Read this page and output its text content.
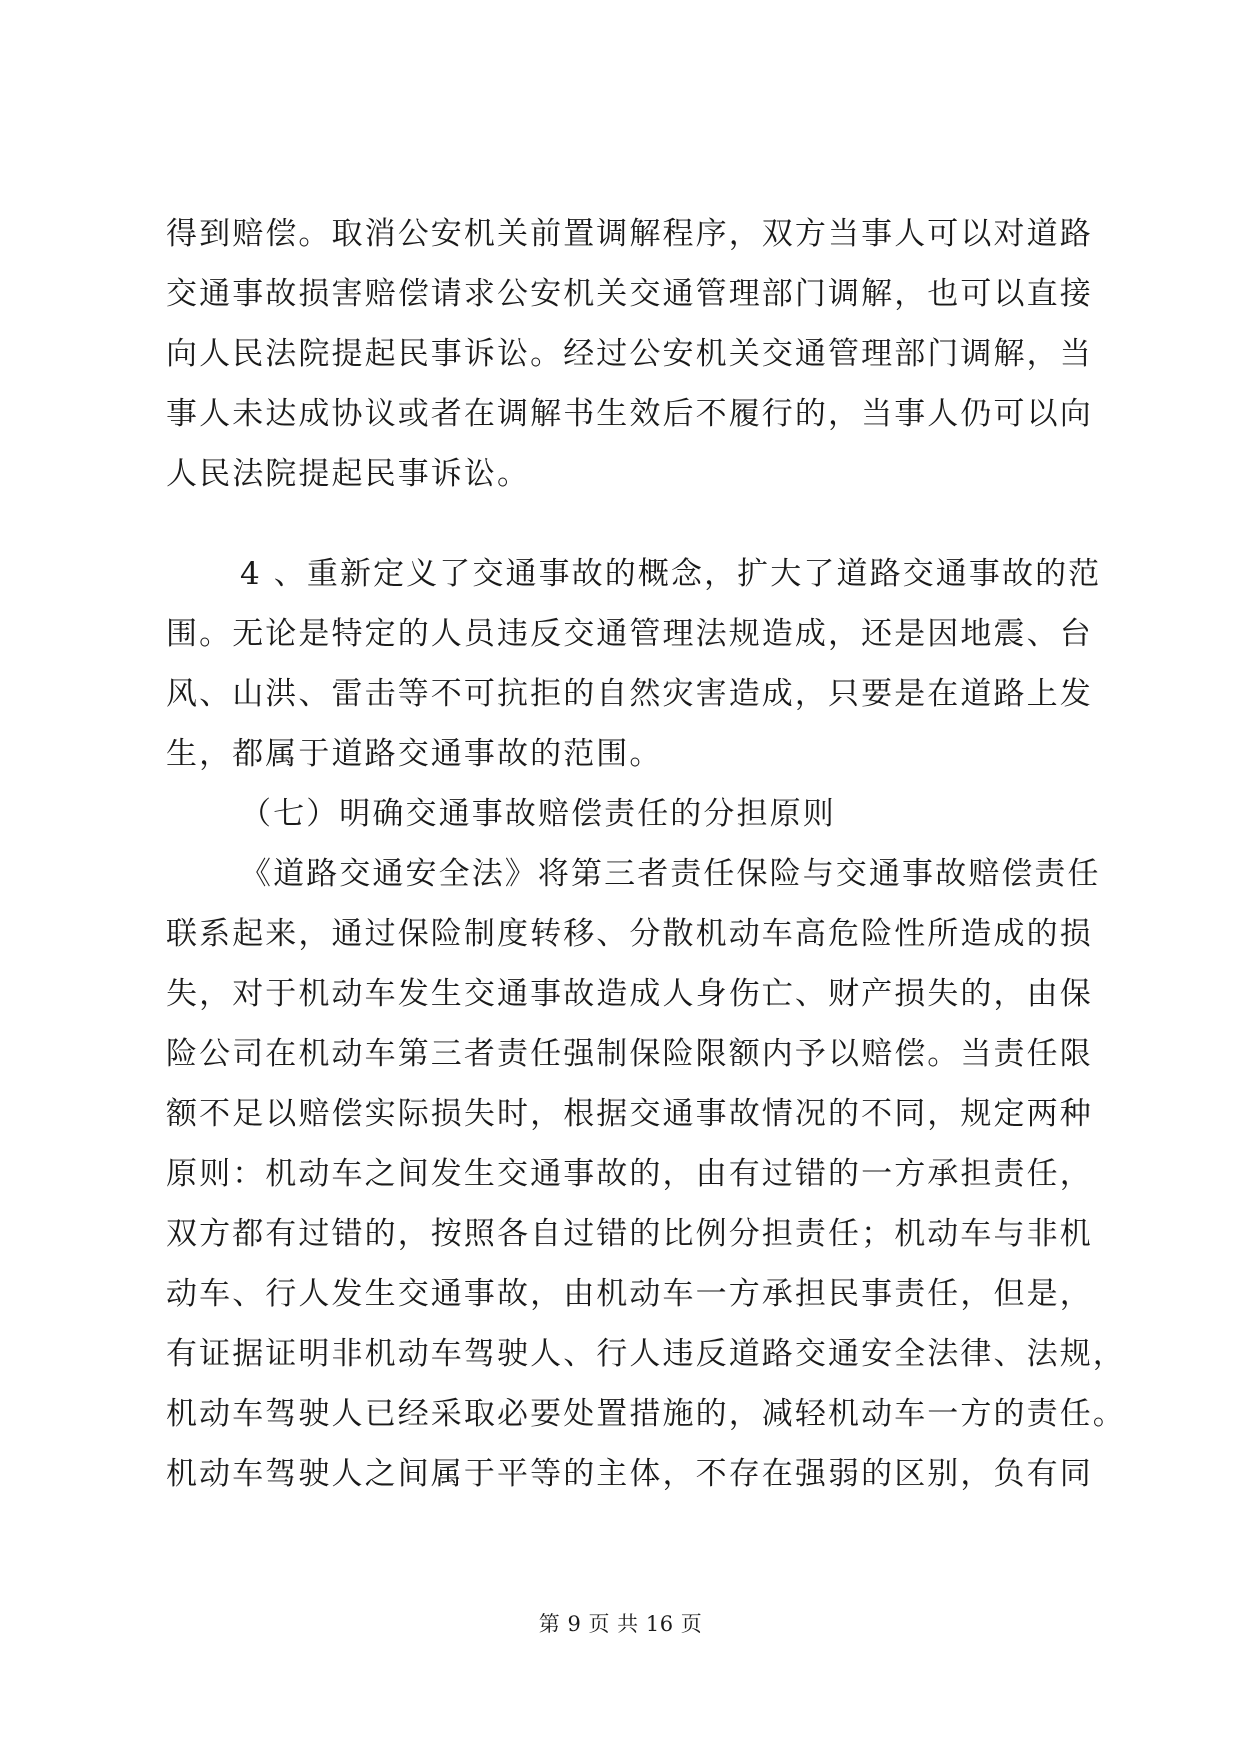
得到赔偿。取消公安机关前置调解程序，双方当事人可以对道路
交通事故损害赔偿请求公安机关交通管理部门调解，也可以直接
向人民法院提起民事诉讼。经过公安机关交通管理部门调解，当
事人未达成协议或者在调解书生效后不履行的，当事人仍可以向
人民法院提起民事诉讼。
4 、重新定义了交通事故的概念，扩大了道路交通事故的范
围。无论是特定的人员违反交通管理法规造成，还是因地震、台
风、山洪、雷击等不可抗拒的自然灾害造成，只要是在道路上发
生，都属于道路交通事故的范围。
（七）明确交通事故赔偿责任的分担原则
《道路交通安全法》将第三者责任保险与交通事故赔偿责任
联系起来，通过保险制度转移、分散机动车高危险性所造成的损
失，对于机动车发生交通事故造成人身伤亡、财产损失的，由保
险公司在机动车第三者责任强制保险限额内予以赔偿。当责任限
额不足以赔偿实际损失时，根据交通事故情况的不同，规定两种
原则：机动车之间发生交通事故的，由有过错的一方承担责任，
双方都有过错的，按照各自过错的比例分担责任；机动车与非机
动车、行人发生交通事故，由机动车一方承担民事责任，但是，
有证据证明非机动车驾驶人、行人违反道路交通安全法律、法规，
机动车驾驶人已经采取必要处置措施的，减轻机动车一方的责任。
机动车驾驶人之间属于平等的主体，不存在强弱的区别，负有同
第 9 页 共 16 页
